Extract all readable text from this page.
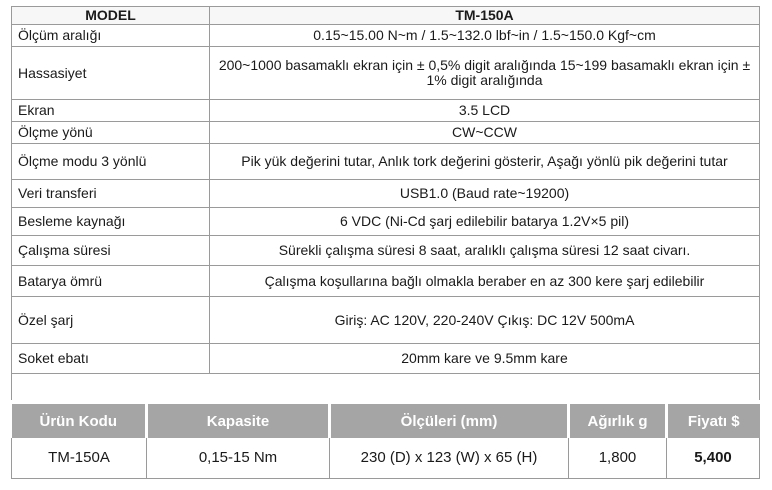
MODEL	TM-150A
Ölçüm aralığı	0.15~15.00 N~m / 1.5~132.0 lbf~in / 1.5~150.0 Kgf~cm
Hassasiyet	200~1000 basamaklı ekran için ± 0,5% digit aralığında 15~199 basamaklı ekran için ± 1% digit aralığında
Ekran	3.5 LCD
Ölçme yönü	CW~CCW
Ölçme modu 3 yönlü	Pik yük değerini tutar, Anlık tork değerini gösterir, Aşağı yönlü pik değerini tutar
Veri transferi	USB1.0 (Baud rate~19200)
Besleme kaynağı	6 VDC (Ni-Cd şarj edilebilir batarya 1.2V×5 pil)
Çalışma süresi	Sürekli çalışma süresi 8 saat, aralıklı çalışma süresi 12 saat civarı.
Batarya ömrü	Çalışma koşullarına bağlı olmakla beraber en az 300 kere şarj edilebilir
Özel şarj	Giriş: AC 120V, 220-240V Çıkış: DC 12V 500mA
Soket ebatı	20mm kare ve 9.5mm kare

Ürün Kodu	Kapasite	Ölçüleri (mm)	Ağırlık g	Fiyatı $
TM-150A	0,15-15 Nm	230 (D) x 123 (W) x 65 (H)	1,800	5,400
